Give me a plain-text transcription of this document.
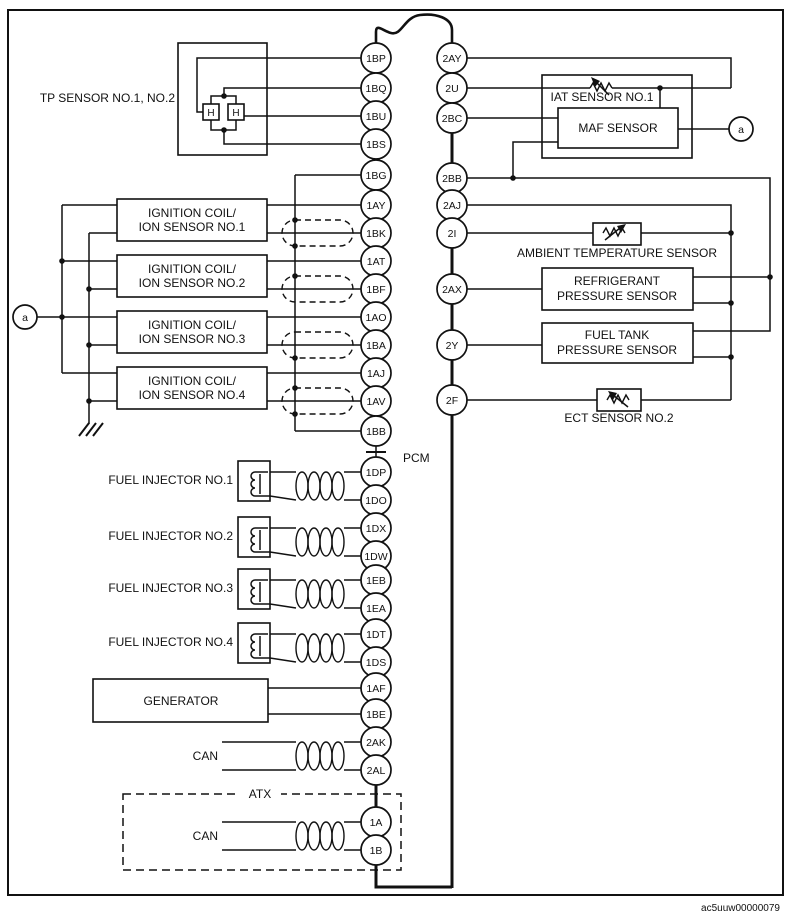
H H
TP SENSOR NO.1, NO.2
IGNITION COIL/
ION SENSOR NO.1
IGNITION COIL/
ION SENSOR NO.2
IGNITION COIL/
ION SENSOR NO.3
IGNITION COIL/
ION SENSOR NO.4
FUEL INJECTOR NO.1
FUEL INJECTOR NO.2
FUEL INJECTOR NO.3
FUEL INJECTOR NO.4
GENERATOR
CAN
ATX
CAN
IAT SENSOR NO.1
MAF SENSOR
AMBIENT TEMPERATURE SENSOR
REFRIGERANT
PRESSURE SENSOR
FUEL TANK
PRESSURE SENSOR
ECT SENSOR NO.2
a
a
1BP
1BQ
1BU
1BS
1BG
1AY
1BK
1AT
1BF
1AO
1BA
1AJ
1AV
1BB
1DP
1DO
1DX
1DW
1EB
1EA
1DT
1DS
1AF
1BE
2AK
2AL
1A
1B
2AY
2U
2BC
2BB
2AJ
2I
2AX
2Y
2F
PCM
ac5uuw00000079
